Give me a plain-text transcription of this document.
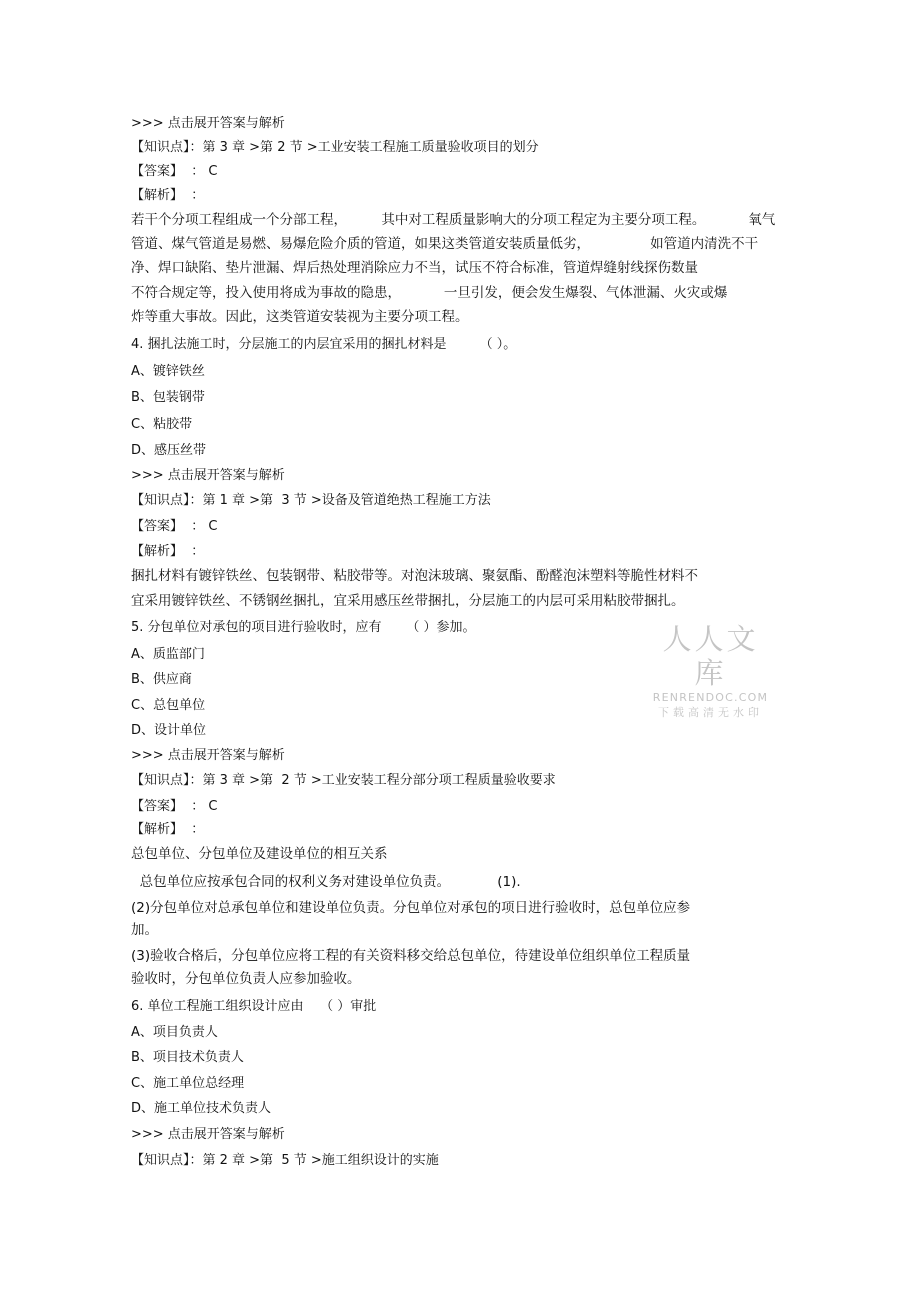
>>> 点击展开答案与解析
【知识点】：第 3 章 >第 2 节 >工业安装工程施工质量验收项目的划分
【答案】  ： C
【解析】  ：
若干个分项工程组成一个分部工程，        其中对工程质量影响大的分项工程定为主要分项工程。          氧气
管道、煤气管道是易燃、易爆危险介质的管道，如果这类管道安装质量低劣，              如管道内清洗不干
净、焊口缺陷、垫片泄漏、焊后热处理消除应力不当，试压不符合标准，管道焊缝射线探伤数量
不符合规定等，投入使用将成为事故的隐患，          一旦引发，便会发生爆裂、气体泄漏、火灾或爆
炸等重大事故。因此，这类管道安装视为主要分项工程。
4. 捆扎法施工时，分层施工的内层宜采用的捆扎材料是        （ ）。
A、镀锌铁丝
B、包装钢带
C、粘胶带
D、感压丝带
>>> 点击展开答案与解析
【知识点】：第 1 章 >第  3 节 >设备及管道绝热工程施工方法
【答案】  ： C
【解析】  ：
捆扎材料有镀锌铁丝、包装钢带、粘胶带等。对泡沫玻璃、聚氨酯、酚醛泡沫塑料等脆性材料不
宜采用镀锌铁丝、不锈钢丝捆扎，宜采用感压丝带捆扎，分层施工的内层可采用粘胶带捆扎。
5. 分包单位对承包的项目进行验收时，应有      （ ）参加。
A、质监部门
B、供应商
C、总包单位
D、设计单位
>>> 点击展开答案与解析
【知识点】：第 3 章 >第  2 节 >工业安装工程分部分项工程质量验收要求
【答案】  ： C
【解析】  ：
总包单位、分包单位及建设单位的相互关系
总包单位应按承包合同的权利义务对建设单位负责。           (1).
(2)分包单位对总承包单位和建设单位负责。分包单位对承包的项日进行验收时，总包单位应参
加。
(3)验收合格后，分包单位应将工程的有关资料移交给总包单位，待建设单位组织单位工程质量
验收时，分包单位负责人应参加验收。
6. 单位工程施工组织设计应由    （ ）审批
A、项目负责人
B、项目技术负责人
C、施工单位总经理
D、施工单位技术负责人
>>> 点击展开答案与解析
【知识点】：第 2 章 >第  5 节 >施工组织设计的实施
人人文库
RENRENDOC.COM
下载高清无水印
